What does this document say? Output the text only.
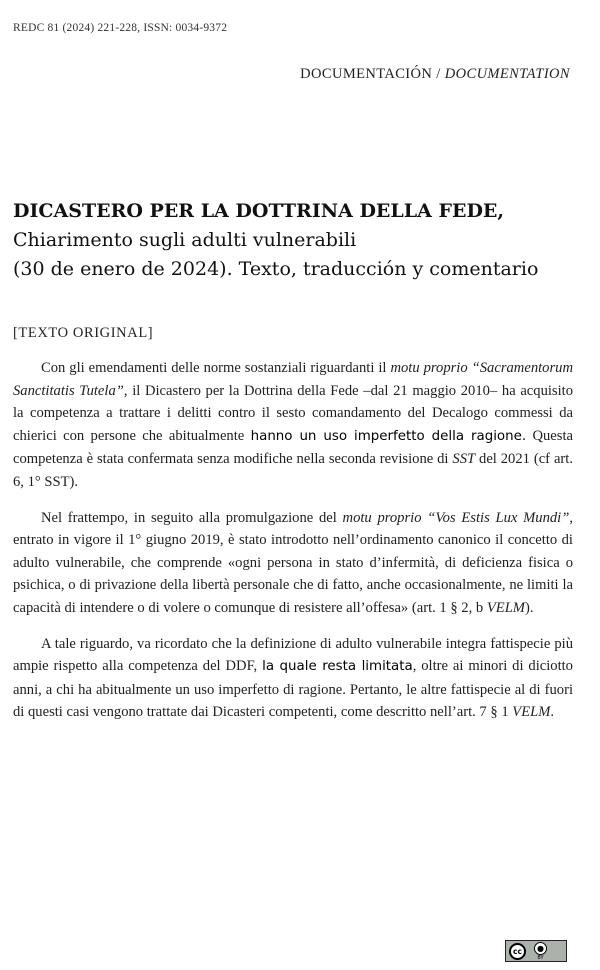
REDC 81 (2024) 221-228, ISSN: 0034-9372
DOCUMENTACIÓN / DOCUMENTATION
DICASTERO PER LA DOTTRINA DELLA FEDE,
Chiarimento sugli adulti vulnerabili
(30 de enero de 2024). Texto, traducción y comentario
[TEXTO ORIGINAL]

Con gli emendamenti delle norme sostanziali riguardanti il motu proprio “Sacramentorum Sanctitatis Tutela”, il Dicastero per la Dottrina della Fede –dal 21 maggio 2010– ha acquisito la competenza a trattare i delitti contro il sesto comandamento del Decalogo commessi da chierici con persone che abitualmente hanno un uso imperfetto della ragione. Questa competenza è stata confermata senza modifiche nella seconda revisione di SST del 2021 (cf art. 6, 1° SST).

Nel frattempo, in seguito alla promulgazione del motu proprio “Vos Estis Lux Mundi”, entrato in vigore il 1° giugno 2019, è stato introdotto nell’ordinamento canonico il concetto di adulto vulnerabile, che comprende «ogni persona in stato d’infermità, di deficienza fisica o psichica, o di privazione della libertà personale che di fatto, anche occasionalmente, ne limiti la capacità di intendere o di volere o comunque di resistere all’offesa» (art. 1 § 2, b VELM).

A tale riguardo, va ricordato che la definizione di adulto vulnerabile integra fattispecie più ampie rispetto alla competenza del DDF, la quale resta limitata, oltre ai minori di diciotto anni, a chi ha abitualmente un uso imperfetto di ragione. Pertanto, le altre fattispecie al di fuori di questi casi vengono trattate dai Dicasteri competenti, come descritto nell’art. 7 § 1 VELM.

cc	●
BY
